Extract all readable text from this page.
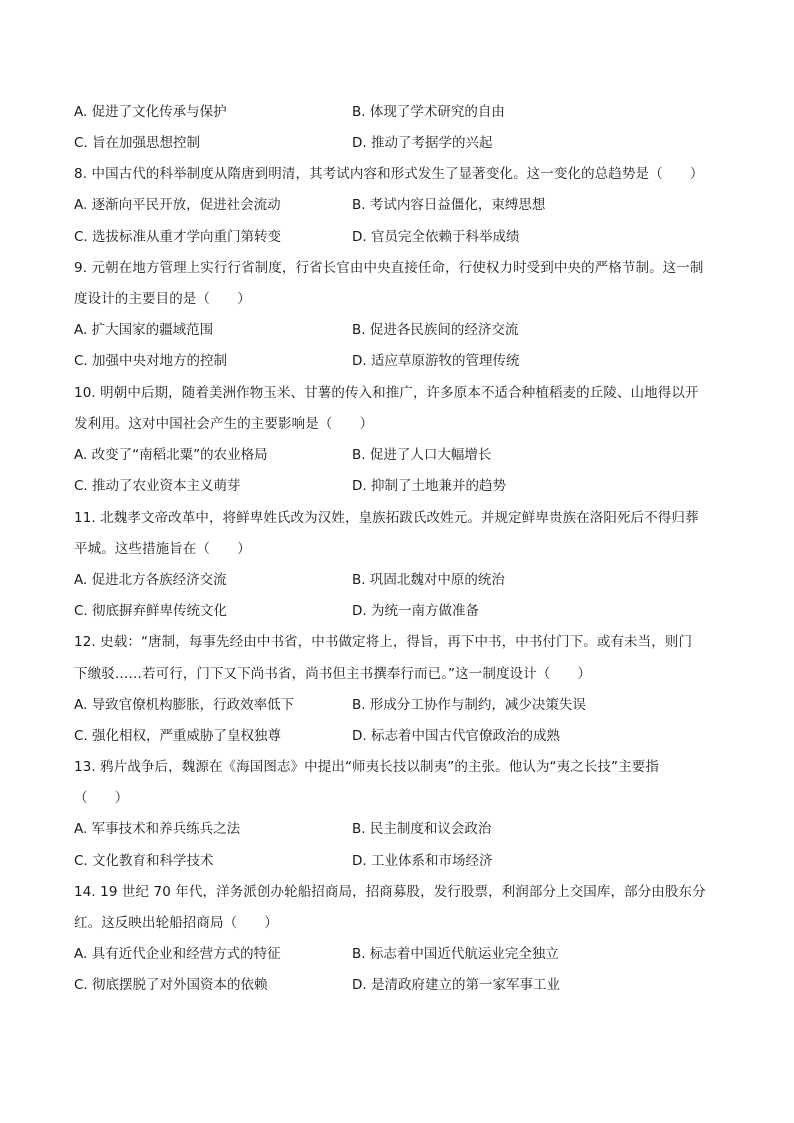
A. 促进了文化传承与保护	B. 体现了学术研究的自由
C. 旨在加强思想控制	D. 推动了考据学的兴起
8. 中国古代的科举制度从隋唐到明清，其考试内容和形式发生了显著变化。这一变化的总趋势是（　　）
A. 逐渐向平民开放，促进社会流动	B. 考试内容日益僵化，束缚思想
C. 选拔标准从重才学向重门第转变	D. 官员完全依赖于科举成绩
9. 元朝在地方管理上实行行省制度，行省长官由中央直接任命，行使权力时受到中央的严格节制。这一制
度设计的主要目的是（　　）
A. 扩大国家的疆域范围	B. 促进各民族间的经济交流
C. 加强中央对地方的控制	D. 适应草原游牧的管理传统
10. 明朝中后期，随着美洲作物玉米、甘薯的传入和推广，许多原本不适合种植稻麦的丘陵、山地得以开
发利用。这对中国社会产生的主要影响是（　　）
A. 改变了“南稻北粟”的农业格局	B. 促进了人口大幅增长
C. 推动了农业资本主义萌芽	D. 抑制了土地兼并的趋势
11. 北魏孝文帝改革中，将鲜卑姓氏改为汉姓，皇族拓跋氏改姓元。并规定鲜卑贵族在洛阳死后不得归葬
平城。这些措施旨在（　　）
A. 促进北方各族经济交流	B. 巩固北魏对中原的统治
C. 彻底摒弃鲜卑传统文化	D. 为统一南方做准备
12. 史载：“唐制，每事先经由中书省，中书做定将上，得旨，再下中书，中书付门下。或有未当，则门
下缴驳……若可行，门下又下尚书省，尚书但主书撰奉行而已。”这一制度设计（　　）
A. 导致官僚机构膨胀，行政效率低下	B. 形成分工协作与制约，减少决策失误
C. 强化相权，严重威胁了皇权独尊	D. 标志着中国古代官僚政治的成熟
13. 鸦片战争后，魏源在《海国图志》中提出“师夷长技以制夷”的主张。他认为“夷之长技”主要指
（　　）
A. 军事技术和养兵练兵之法	B. 民主制度和议会政治
C. 文化教育和科学技术	D. 工业体系和市场经济
14. 19 世纪 70 年代，洋务派创办轮船招商局，招商募股，发行股票，利润部分上交国库，部分由股东分
红。这反映出轮船招商局（　　）
A. 具有近代企业和经营方式的特征	B. 标志着中国近代航运业完全独立
C. 彻底摆脱了对外国资本的依赖	D. 是清政府建立的第一家军事工业
